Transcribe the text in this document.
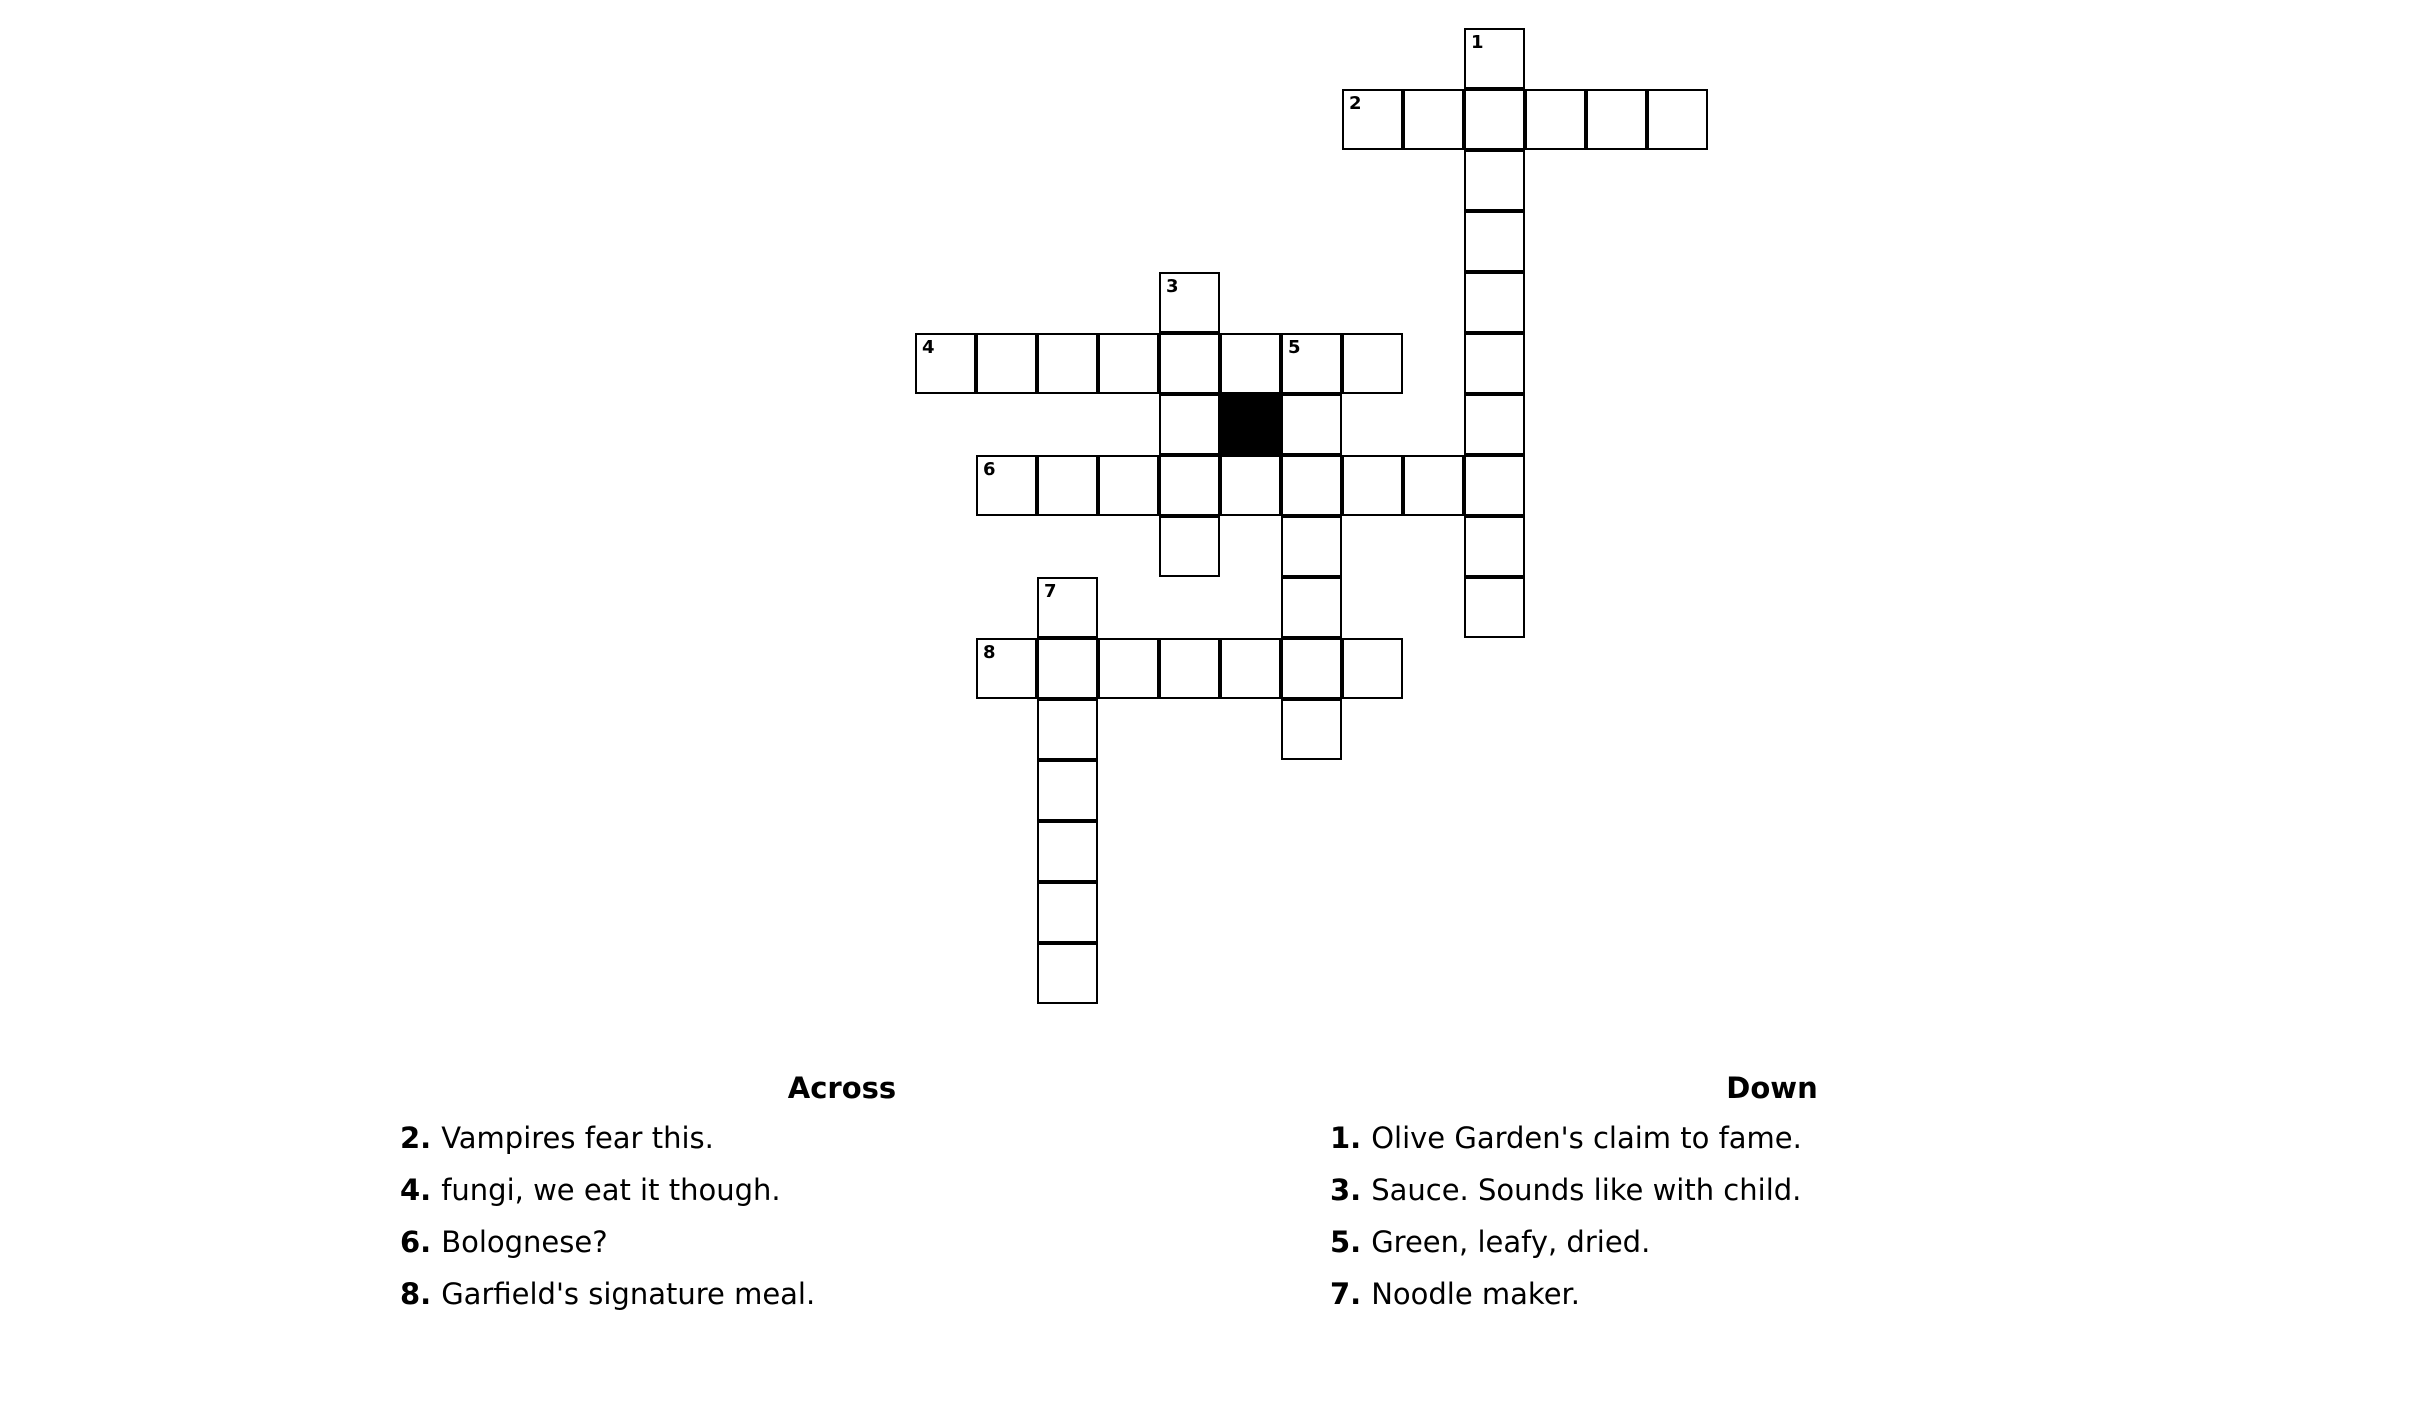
1
2
3
4	5
6
7
8
Across
2. Vampires fear this.
4. fungi, we eat it though.
6. Bolognese?
8. Garfield's signature meal.
Down
1. Olive Garden's claim to fame.
3. Sauce. Sounds like with child.
5. Green, leafy, dried.
7. Noodle maker.
